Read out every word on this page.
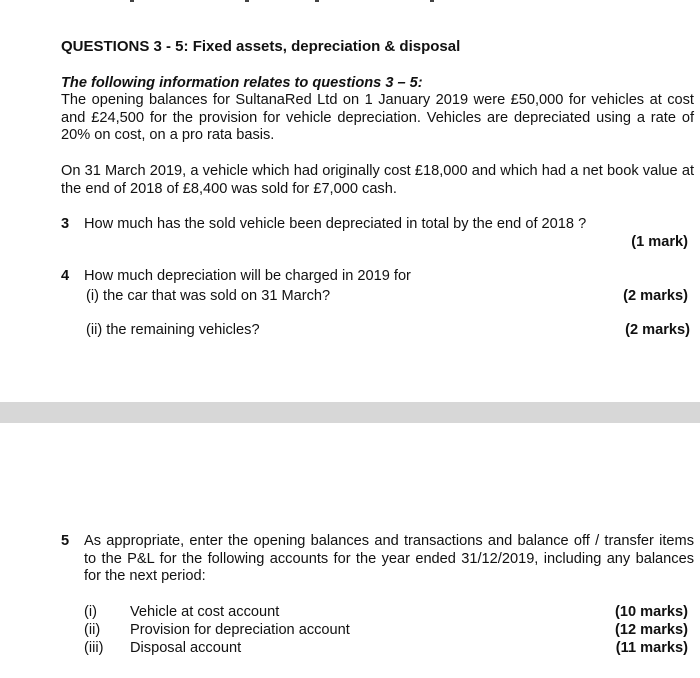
QUESTIONS 3 - 5: Fixed assets, depreciation & disposal
The following information relates to questions 3 – 5:
The opening balances for SultanaRed Ltd on 1 January 2019 were £50,000 for vehicles at cost and £24,500 for the provision for vehicle depreciation. Vehicles are depreciated using a rate of 20% on cost, on a pro rata basis.
On 31 March 2019, a vehicle which had originally cost £18,000 and which had a net book value at the end of 2018 of £8,400 was sold for £7,000 cash.
3 How much has the sold vehicle been depreciated in total by the end of 2018 ?
(1 mark)
4 How much depreciation will be charged in 2019 for
(i) the car that was sold on 31 March?	(2 marks)
(ii) the remaining vehicles?	(2 marks)
5 As appropriate, enter the opening balances and transactions and balance off / transfer items to the P&L for the following accounts for the year ended 31/12/2019, including any balances for the next period:
(i) Vehicle at cost account	(10 marks)
(ii) Provision for depreciation account	(12 marks)
(iii) Disposal account	(11 marks)
